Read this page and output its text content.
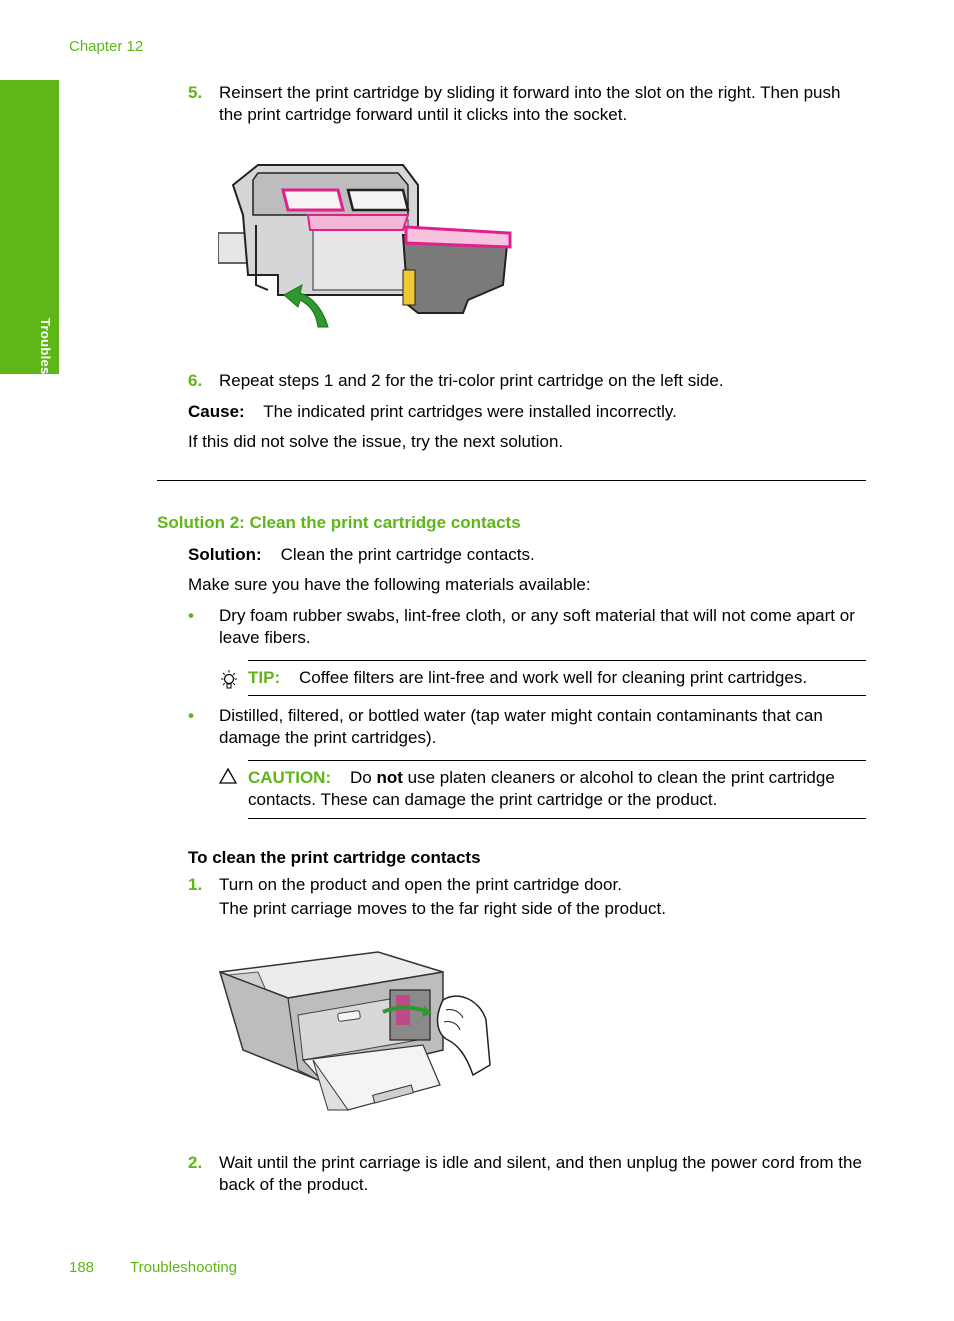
Chapter 12
Troubleshooting
5. Reinsert the print cartridge by sliding it forward into the slot on the right. Then push the print cartridge forward until it clicks into the socket.
6. Repeat steps 1 and 2 for the tri-color print cartridge on the left side.
Cause: The indicated print cartridges were installed incorrectly.
If this did not solve the issue, try the next solution.
Solution 2: Clean the print cartridge contacts
Solution: Clean the print cartridge contacts.
Make sure you have the following materials available:
• Dry foam rubber swabs, lint-free cloth, or any soft material that will not come apart or leave fibers.
TIP: Coffee filters are lint-free and work well for cleaning print cartridges.
• Distilled, filtered, or bottled water (tap water might contain contaminants that can damage the print cartridges).
CAUTION: Do not use platen cleaners or alcohol to clean the print cartridge contacts. These can damage the print cartridge or the product.
To clean the print cartridge contacts
1. Turn on the product and open the print cartridge door.
The print carriage moves to the far right side of the product.
2. Wait until the print carriage is idle and silent, and then unplug the power cord from the back of the product.
188 Troubleshooting
